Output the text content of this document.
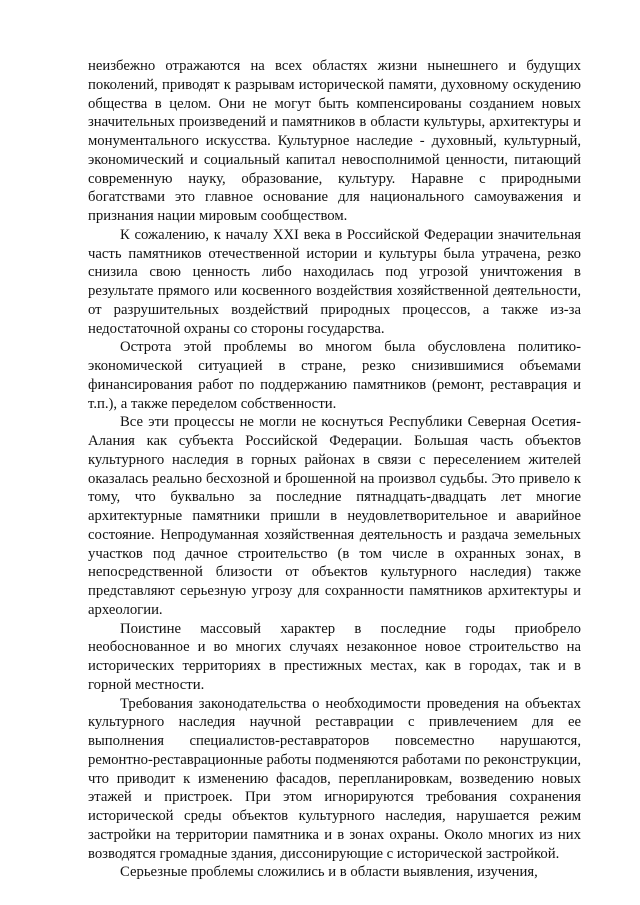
неизбежно отражаются на всех областях жизни нынешнего и будущих поколений, приводят к разрывам исторической памяти, духовному оскудению общества в целом. Они не могут быть компенсированы созданием новых значительных произведений и памятников в области культуры, архитектуры и монументального искусства. Культурное наследие - духовный, культурный, экономический и социальный капитал невосполнимой ценности, питающий современную науку, образование, культуру. Наравне с природными богатствами это главное основание для национального самоуважения и признания нации мировым сообществом.

К сожалению, к началу XXI века в Российской Федерации значительная часть памятников отечественной истории и культуры была утрачена, резко снизила свою ценность либо находилась под угрозой уничтожения в результате прямого или косвенного воздействия хозяйственной деятельности, от разрушительных воздействий природных процессов, а также из-за недостаточной охраны со стороны государства.

Острота этой проблемы во многом была обусловлена политико-экономической ситуацией в стране, резко снизившимися объемами финансирования работ по поддержанию памятников (ремонт, реставрация и т.п.), а также переделом собственности.

Все эти процессы не могли не коснуться Республики Северная Осетия-Алания как субъекта Российской Федерации. Большая часть объектов культурного наследия в горных районах в связи с переселением жителей оказалась реально бесхозной и брошенной на произвол судьбы. Это привело к тому, что буквально за последние пятнадцать-двадцать лет многие архитектурные памятники пришли в неудовлетворительное и аварийное состояние. Непродуманная хозяйственная деятельность и раздача земельных участков под дачное строительство (в том числе в охранных зонах, в непосредственной близости от объектов культурного наследия) также представляют серьезную угрозу для сохранности памятников архитектуры и археологии.

Поистине массовый характер в последние годы приобрело необоснованное и во многих случаях незаконное новое строительство на исторических территориях в престижных местах, как в городах, так и в горной местности.

Требования законодательства о необходимости проведения на объектах культурного наследия научной реставрации с привлечением для ее выполнения специалистов-реставраторов повсеместно нарушаются, ремонтно-реставрационные работы подменяются работами по реконструкции, что приводит к изменению фасадов, перепланировкам, возведению новых этажей и пристроек. При этом игнорируются требования сохранения исторической среды объектов культурного наследия, нарушается режим застройки на территории памятника и в зонах охраны. Около многих из них возводятся громадные здания, диссонирующие с исторической застройкой.

Серьезные проблемы сложились и в области выявления, изучения,
